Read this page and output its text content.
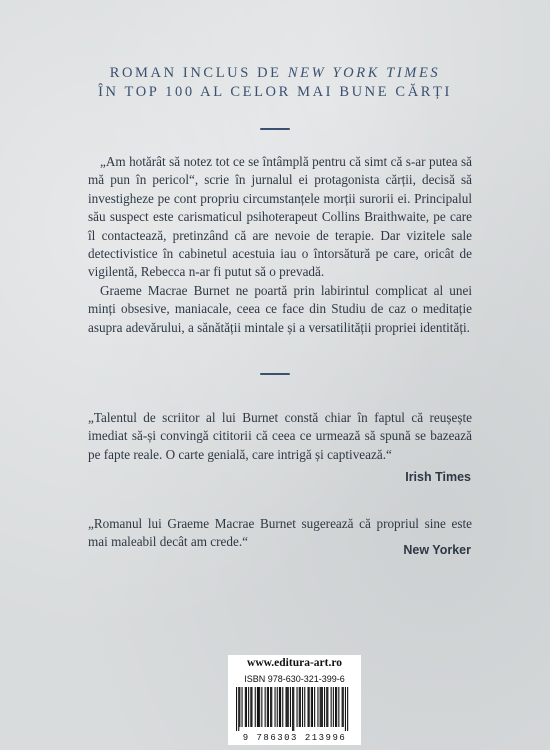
ROMAN INCLUS DE NEW YORK TIMES
ÎN TOP 100 AL CELOR MAI BUNE CĂRȚI

„Am hotărât să notez tot ce se întâmplă pentru că simt că s-ar putea să mă pun în pericol“, scrie în jurnalul ei protagonista cărții, decisă să investigheze pe cont propriu circumstanțele morții surorii ei. Principalul său suspect este carismaticul psihoterapeut Collins Braithwaite, pe care îl contactează, pretinzând că are nevoie de terapie. Dar vizitele sale detectivistice în cabinetul acestuia iau o întorsătură pe care, oricât de vigilentă, Rebecca n-ar fi putut să o prevadă.

Graeme Macrae Burnet ne poartă prin labirintul complicat al unei minți obsesive, maniacale, ceea ce face din Studiu de caz o meditație asupra adevărului, a sănătății mintale și a versatilității propriei identități.

„Talentul de scriitor al lui Burnet constă chiar în faptul că reușește imediat să-și convingă cititorii că ceea ce urmează să spună se bazează pe fapte reale. O carte genială, care intrigă și captivează.“
Irish Times
„Romanul lui Graeme Macrae Burnet sugerează că propriul sine este mai maleabil decât am crede.“
New Yorker
www.editura-art.ro
ISBN 978-630-321-399-6
9 786303 213996
